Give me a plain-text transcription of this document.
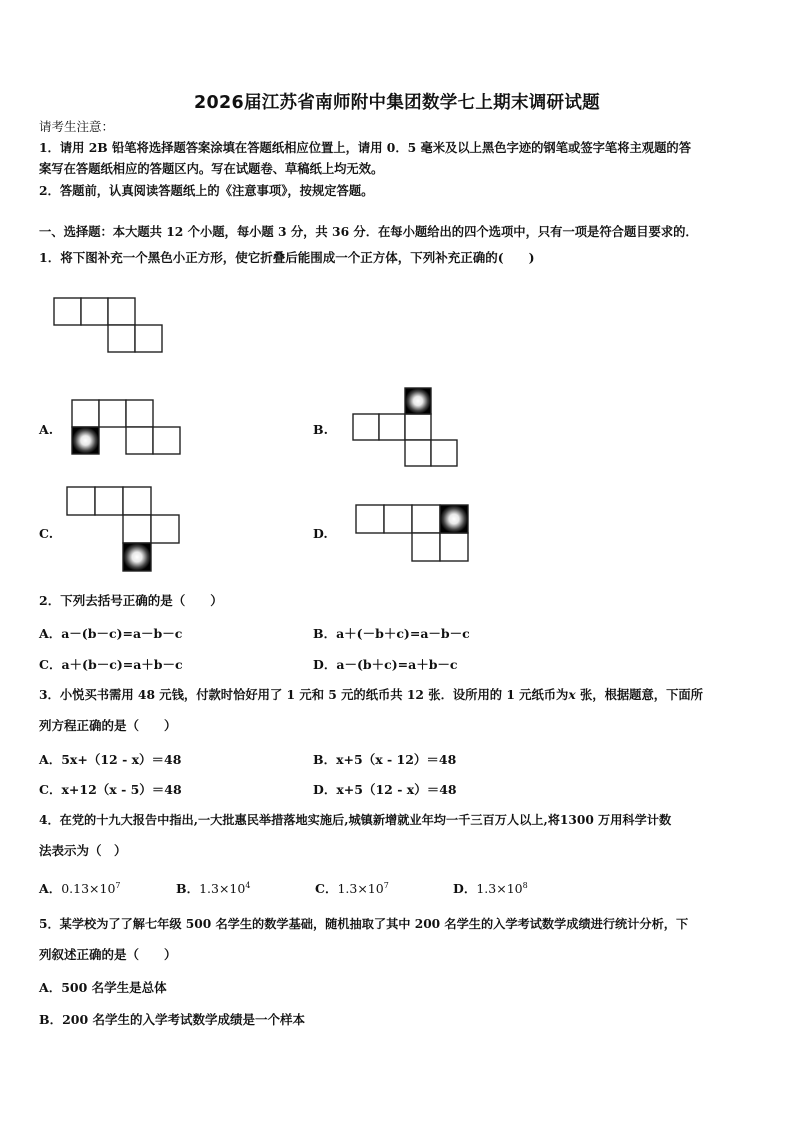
2026届江苏省南师附中集团数学七上期末调研试题
请考生注意：
1．请用 2B 铅笔将选择题答案涂填在答题纸相应位置上，请用 0．5 毫米及以上黑色字迹的钢笔或签字笔将主观题的答
案写在答题纸相应的答题区内。写在试题卷、草稿纸上均无效。
2．答题前，认真阅读答题纸上的《注意事项》，按规定答题。
一、选择题：本大题共 12 个小题，每小题 3 分，共 36 分．在每小题给出的四个选项中，只有一项是符合题目要求的．
1．将下图补充一个黑色小正方形，使它折叠后能围成一个正方体，下列补充正确的(　　)
A.	B.
C.	D.
2．下列去括号正确的是（　　）
A．a－(b－c)=a－b－c	B．a＋(－b＋c)=a－b－c
C．a＋(b－c)=a＋b－c	D．a－(b＋c)=a＋b－c
3．小悦买书需用 48 元钱，付款时恰好用了 1 元和 5 元的纸币共 12 张．设所用的 1 元纸币为x 张，根据题意，下面所
列方程正确的是（　　）
A．5x+（12 - x）＝48	B．x+5（x - 12）＝48
C．x+12（x - 5）＝48	D．x+5（12 - x）＝48
4．在党的十九大报告中指出,一大批惠民举措落地实施后,城镇新增就业年均一千三百万人以上,将1300 万用科学计数
法表示为（　）
A．$0.13\times 10^7$	B．$1.3\times 10^4$	C．$1.3\times 10^7$	D．$1.3\times 10^8$
5．某学校为了了解七年级 500 名学生的数学基础，随机抽取了其中 200 名学生的入学考试数学成绩进行统计分析，下
列叙述正确的是（　　）
A．500 名学生是总体
B．200 名学生的入学考试数学成绩是一个样本
